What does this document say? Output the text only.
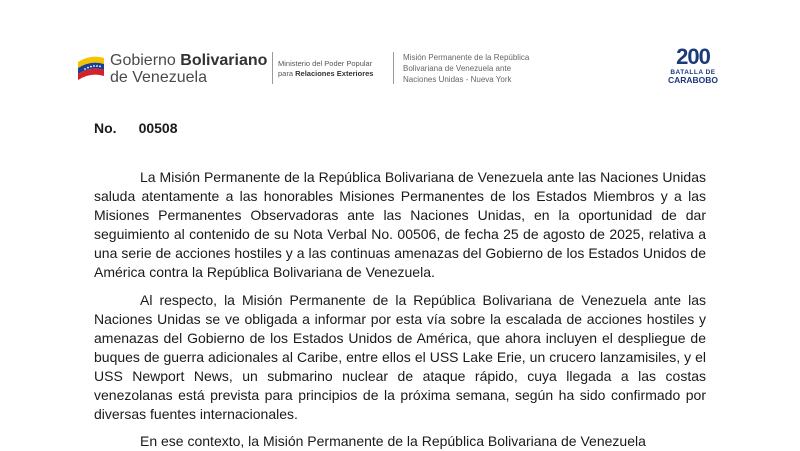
Gobierno Bolivariano
de Venezuela
Ministerio del Poder Popular
para Relaciones Exteriores
Misión Permanente de la República
Bolivariana de Venezuela ante
Naciones Unidas - Nueva York
200
BATALLA DE
CARABOBO
No. 00508

La Misión Permanente de la República Bolivariana de Venezuela ante las Naciones Unidas saluda atentamente a las honorables Misiones Permanentes de los Estados Miembros y a las Misiones Permanentes Observadoras ante las Naciones Unidas, en la oportunidad de dar seguimiento al contenido de su Nota Verbal No. 00506, de fecha 25 de agosto de 2025, relativa a una serie de acciones hostiles y a las continuas amenazas del Gobierno de los Estados Unidos de América contra la República Bolivariana de Venezuela.

Al respecto, la Misión Permanente de la República Bolivariana de Venezuela ante las Naciones Unidas se ve obligada a informar por esta vía sobre la escalada de acciones hostiles y amenazas del Gobierno de los Estados Unidos de América, que ahora incluyen el despliegue de buques de guerra adicionales al Caribe, entre ellos el USS Lake Erie, un crucero lanzamisiles, y el USS Newport News, un submarino nuclear de ataque rápido, cuya llegada a las costas venezolanas está prevista para principios de la próxima semana, según ha sido confirmado por diversas fuentes internacionales.

En ese contexto, la Misión Permanente de la República Bolivariana de Venezuela
